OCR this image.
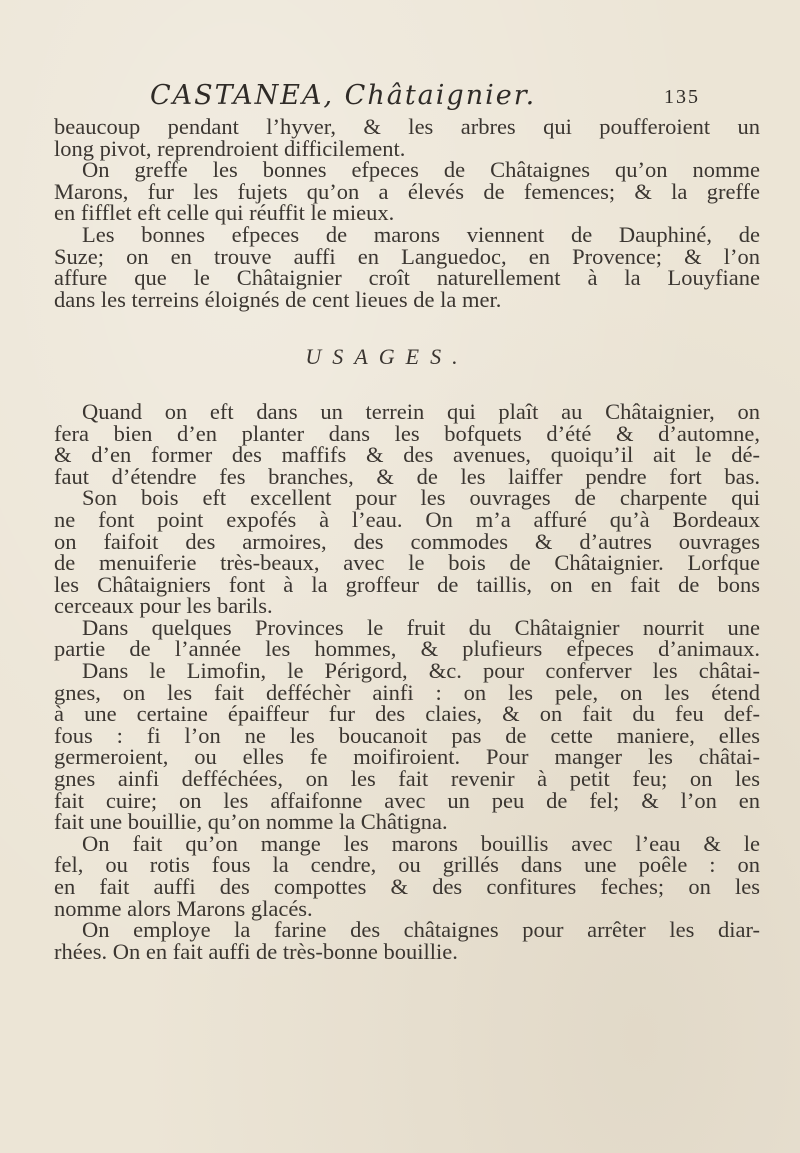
CASTANEA, Châtaignier.	135
beaucoup pendant l’hyver, & les arbres qui poufferoient un
long pivot, reprendroient difficilement.
On greffe les bonnes efpeces de Châtaignes qu’on nomme
Marons, fur les fujets qu’on a élevés de femences; & la greffe
en fifflet eft celle qui réuffit le mieux.
Les bonnes efpeces de marons viennent de Dauphiné, de
Suze; on en trouve auffi en Languedoc, en Provence; & l’on
affure que le Châtaignier croît naturellement à la Louyfiane
dans les terreins éloignés de cent lieues de la mer.
USAGES.
Quand on eft dans un terrein qui plaît au Châtaignier, on
fera bien d’en planter dans les bofquets d’été & d’automne,
& d’en former des maffifs & des avenues, quoiqu’il ait le dé-
faut d’étendre fes branches, & de les laiffer pendre fort bas.
Son bois eft excellent pour les ouvrages de charpente qui
ne font point expofés à l’eau. On m’a affuré qu’à Bordeaux
on faifoit des armoires, des commodes & d’autres ouvrages
de menuiferie très-beaux, avec le bois de Châtaignier. Lorfque
les Châtaigniers font à la groffeur de taillis, on en fait de bons
cerceaux pour les barils.
Dans quelques Provinces le fruit du Châtaignier nourrit une
partie de l’année les hommes, & plufieurs efpeces d’animaux.
Dans le Limofin, le Périgord, &c. pour conferver les châtai-
gnes, on les fait defféchèr ainfi : on les pele, on les étend
à une certaine épaiffeur fur des claies, & on fait du feu def-
fous : fi l’on ne les boucanoit pas de cette maniere, elles
germeroient, ou elles fe moifiroient. Pour manger les châtai-
gnes ainfi defféchées, on les fait revenir à petit feu; on les
fait cuire; on les affaifonne avec un peu de fel; & l’on en
fait une bouillie, qu’on nomme la Châtigna.
On fait qu’on mange les marons bouillis avec l’eau & le
fel, ou rotis fous la cendre, ou grillés dans une poêle : on
en fait auffi des compottes & des confitures feches; on les
nomme alors Marons glacés.
On employe la farine des châtaignes pour arrêter les diar-
rhées. On en fait auffi de très-bonne bouillie.
